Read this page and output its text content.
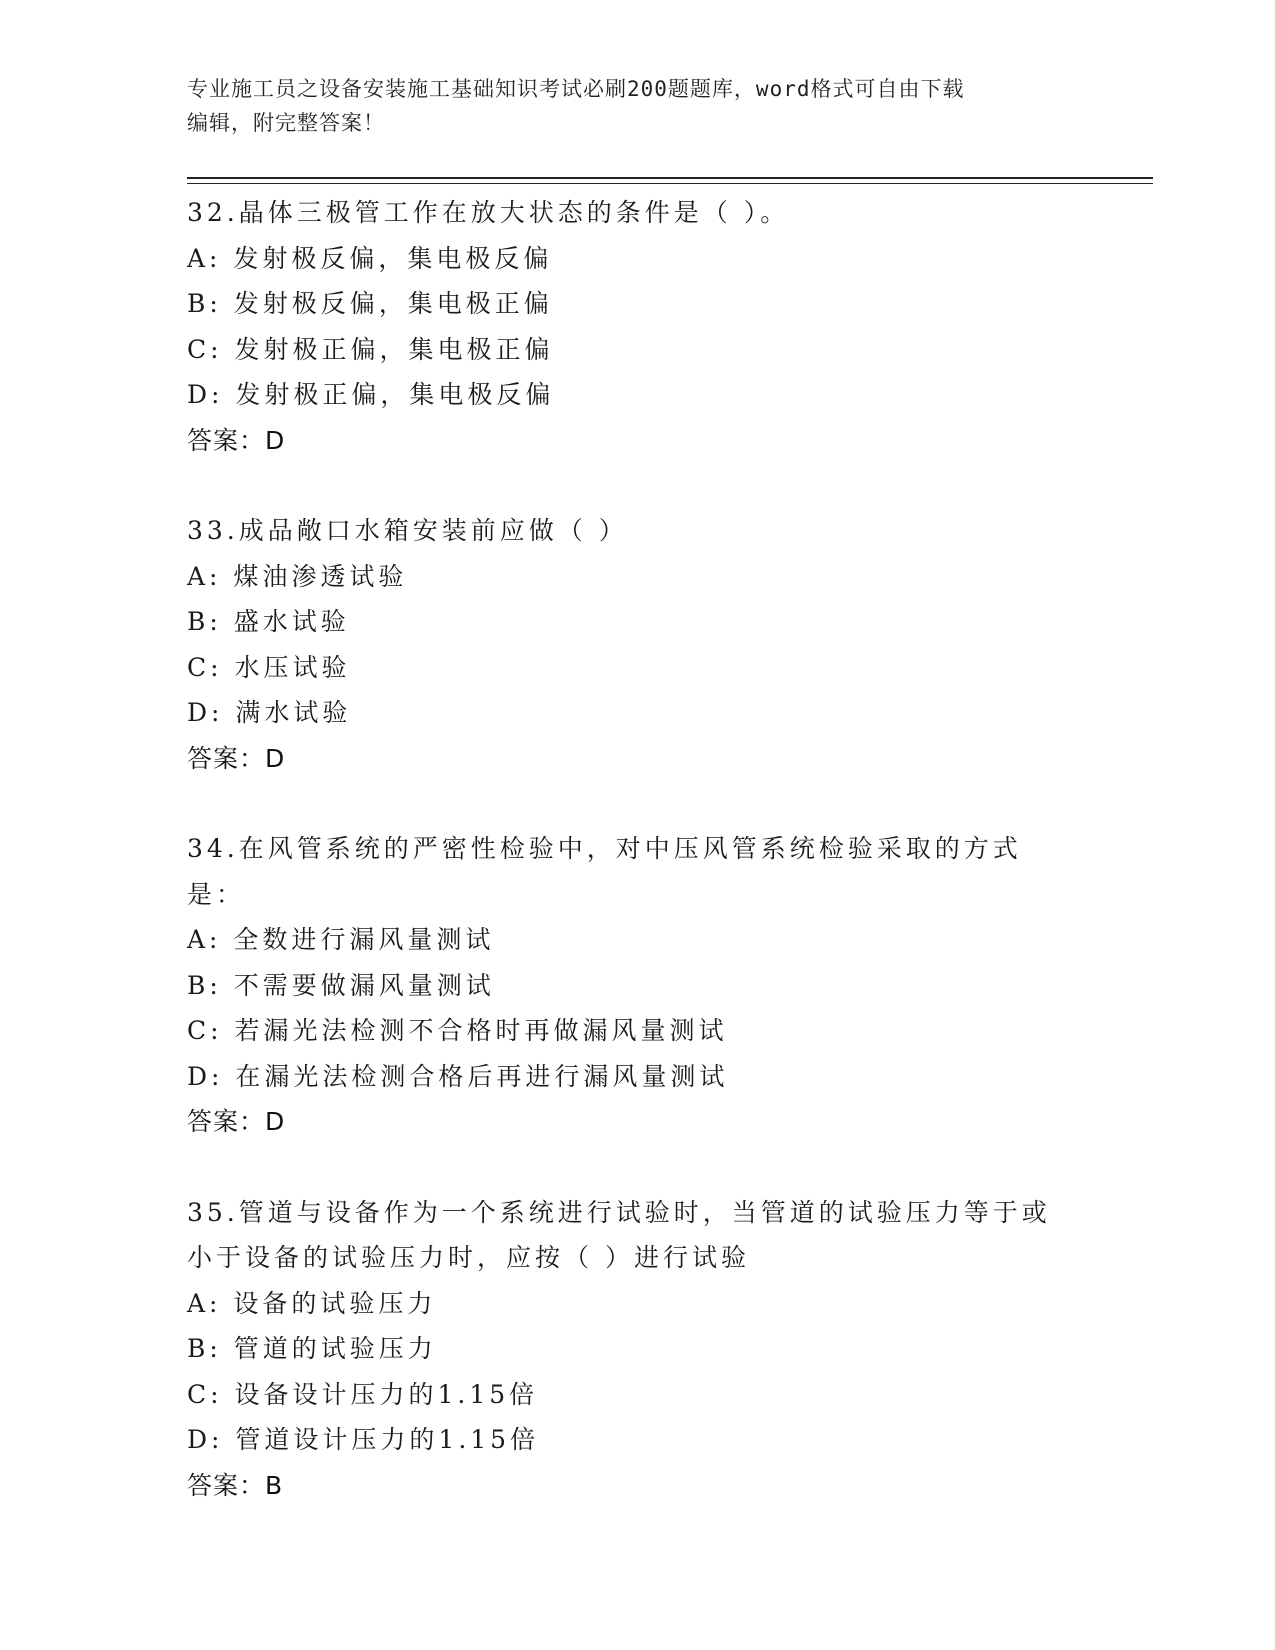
专业施工员之设备安装施工基础知识考试必刷200题题库，word格式可自由下载
编辑，附完整答案！
32.晶体三极管工作在放大状态的条件是（ ）。
A: 发射极反偏，集电极反偏
B: 发射极反偏，集电极正偏
C: 发射极正偏，集电极正偏
D: 发射极正偏，集电极反偏
答案：D
33.成品敞口水箱安装前应做（ ）
A: 煤油渗透试验
B: 盛水试验
C: 水压试验
D: 满水试验
答案：D
34.在风管系统的严密性检验中，对中压风管系统检验采取的方式是：
A: 全数进行漏风量测试
B: 不需要做漏风量测试
C: 若漏光法检测不合格时再做漏风量测试
D: 在漏光法检测合格后再进行漏风量测试
答案：D
35.管道与设备作为一个系统进行试验时，当管道的试验压力等于或小于设备的试验压力时，应按（ ）进行试验
A: 设备的试验压力
B: 管道的试验压力
C: 设备设计压力的1.15倍
D: 管道设计压力的1.15倍
答案：B
